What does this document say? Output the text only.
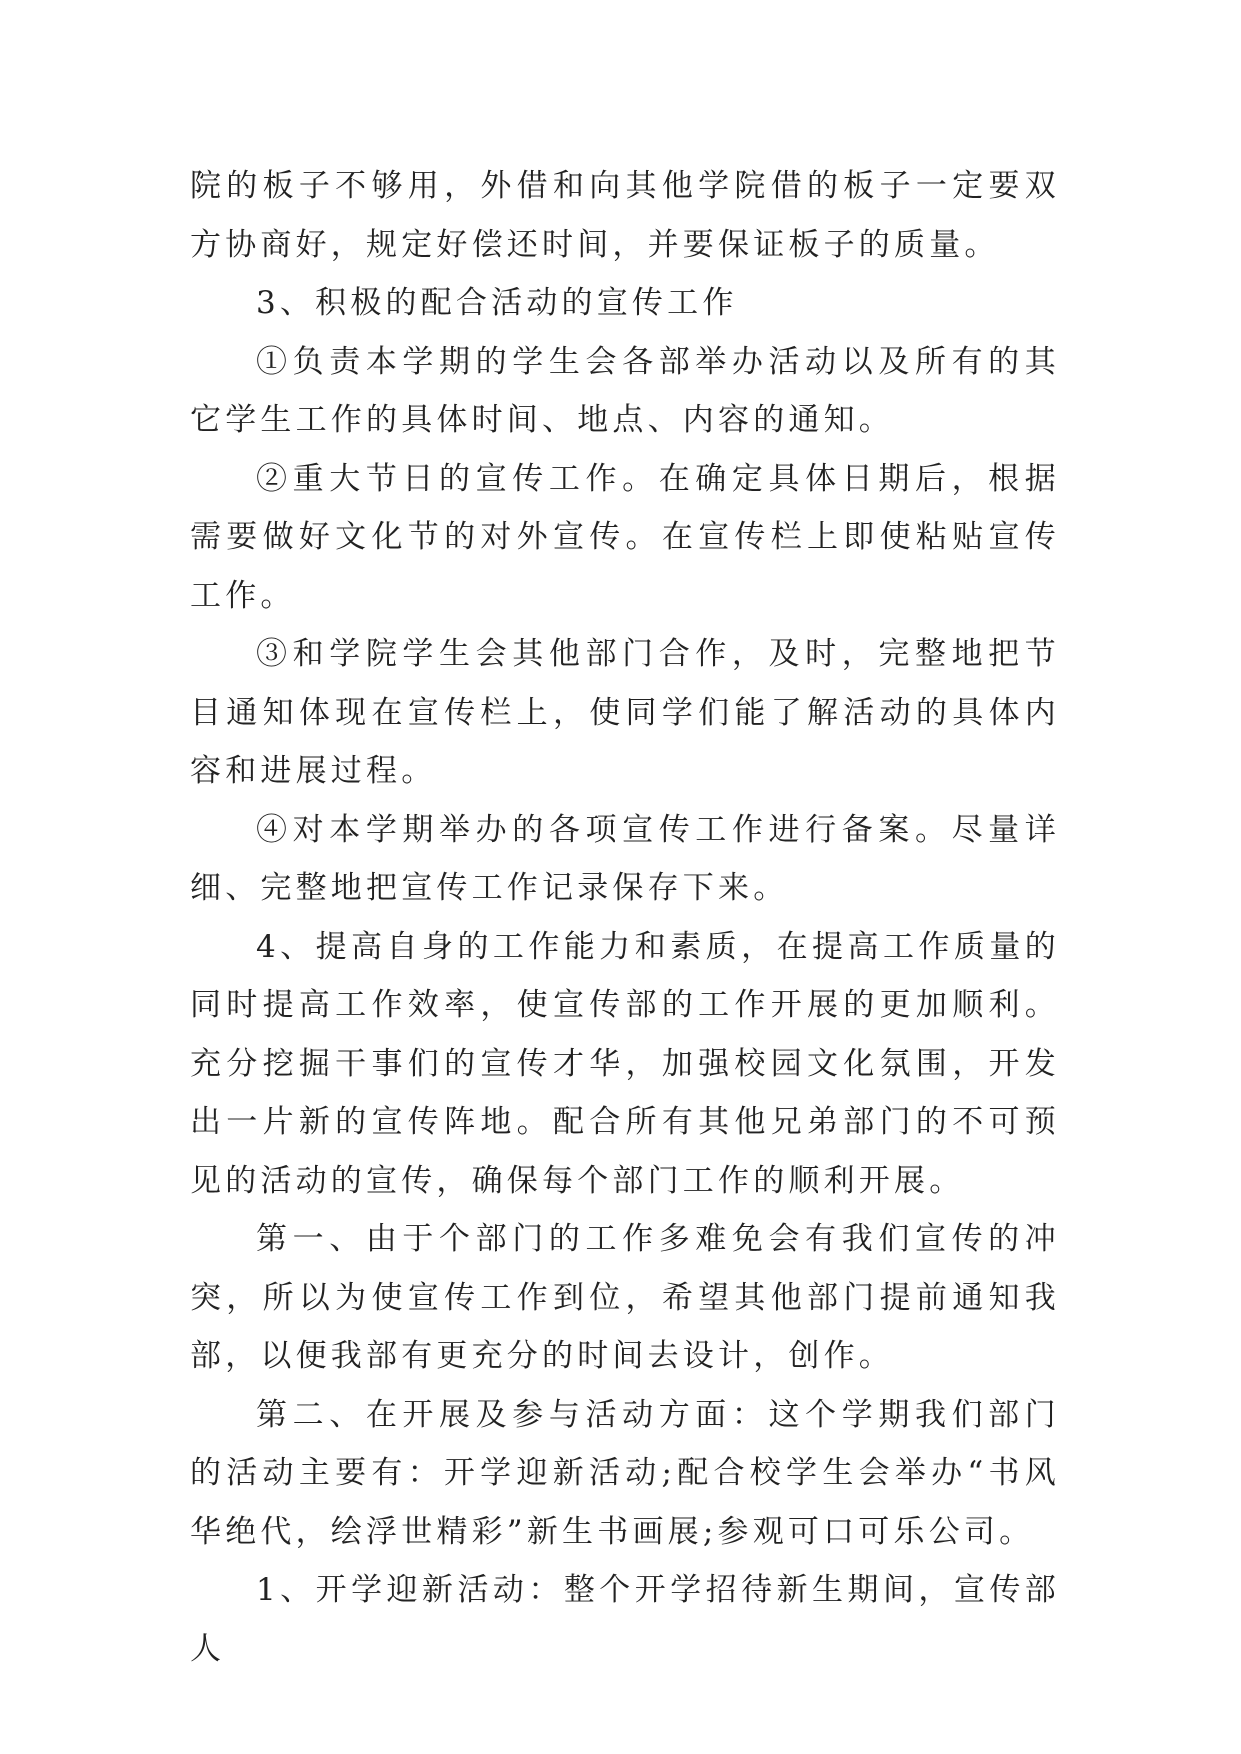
院的板子不够用，外借和向其他学院借的板子一定要双方协商好，规定好偿还时间，并要保证板子的质量。

3、积极的配合活动的宣传工作

①负责本学期的学生会各部举办活动以及所有的其它学生工作的具体时间、地点、内容的通知。

②重大节日的宣传工作。在确定具体日期后，根据需要做好文化节的对外宣传。在宣传栏上即使粘贴宣传工作。

③和学院学生会其他部门合作，及时，完整地把节目通知体现在宣传栏上，使同学们能了解活动的具体内容和进展过程。

④对本学期举办的各项宣传工作进行备案。尽量详细、完整地把宣传工作记录保存下来。

4、提高自身的工作能力和素质，在提高工作质量的同时提高工作效率，使宣传部的工作开展的更加顺利。充分挖掘干事们的宣传才华，加强校园文化氛围，开发出一片新的宣传阵地。配合所有其他兄弟部门的不可预见的活动的宣传，确保每个部门工作的顺利开展。

第一、由于个部门的工作多难免会有我们宣传的冲突，所以为使宣传工作到位，希望其他部门提前通知我部，以便我部有更充分的时间去设计，创作。

第二、在开展及参与活动方面：这个学期我们部门的活动主要有：开学迎新活动;配合校学生会举办“书风华绝代，绘浮世精彩”新生书画展;参观可口可乐公司。

1、开学迎新活动：整个开学招待新生期间，宣传部人
